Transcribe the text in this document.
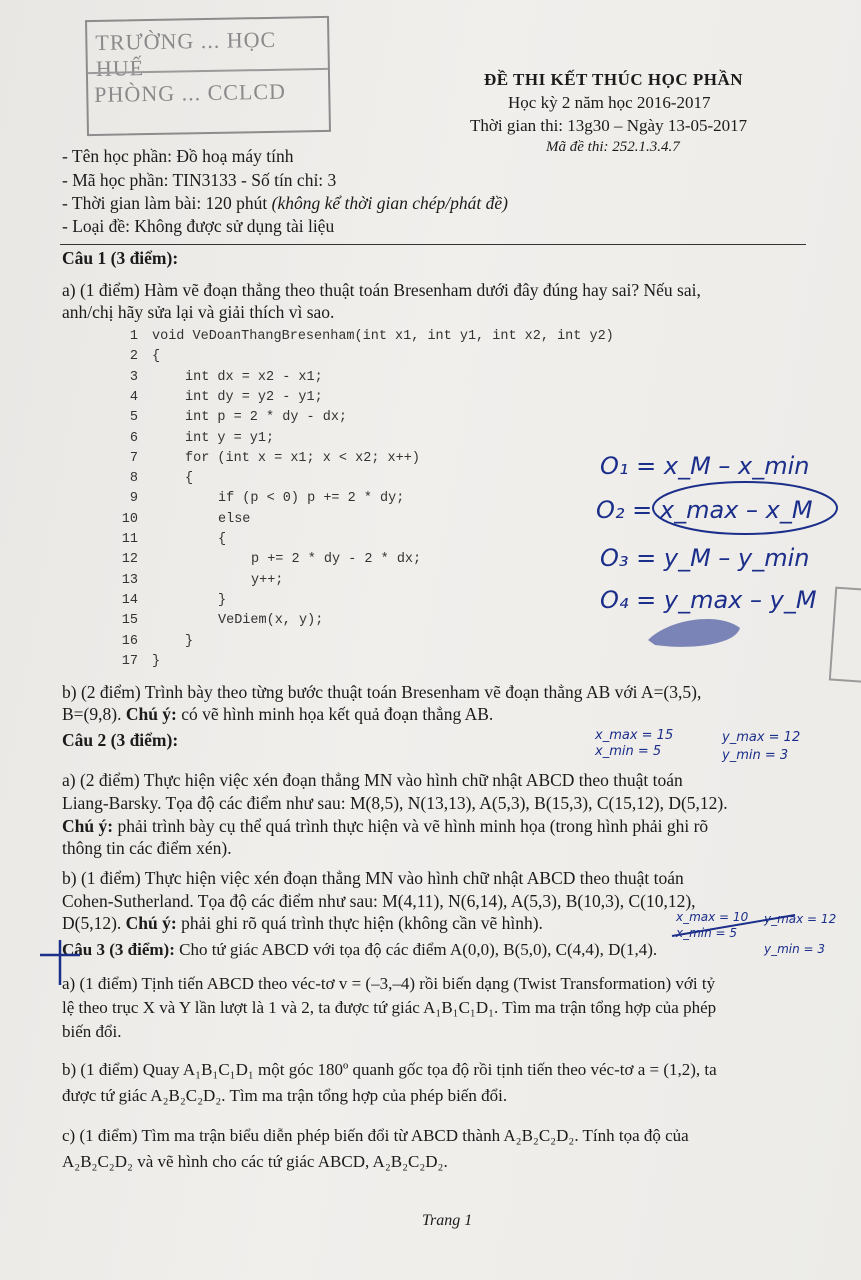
TRƯỜNG ... HỌC HUẾ
PHÒNG ... CCLCD	ĐỀ THI KẾT THÚC HỌC PHẦN
Học kỳ 2 năm học 2016-2017
Thời gian thi: 13g30 – Ngày 13-05-2017
Mã đề thi: 252.1.3.4.7
- Tên học phần: Đồ hoạ máy tính
- Mã học phần: TIN3133 - Số tín chỉ: 3
- Thời gian làm bài: 120 phút (không kể thời gian chép/phát đề)
- Loại đề: Không được sử dụng tài liệu
Câu 1 (3 điểm):
a) (1 điểm) Hàm vẽ đoạn thẳng theo thuật toán Bresenham dưới đây đúng hay sai? Nếu sai,
anh/chị hãy sửa lại và giải thích vì sao.
1 void VeDoanThangBresenham(int x1, int y1, int x2, int y2)
2 {
3	int dx = x2 - x1;
4	int dy = y2 - y1;
5	int p = 2 * dy - dx;
6	int y = y1;
7	for (int x = x1; x < x2; x++)
8	{
9	if (p < 0) p += 2 * dy;
10	else
11	{
12	p += 2 * dy - 2 * dx;
13	y++;
14	}
15	VeDiem(x, y);
16	}
17 }
b) (2 điểm) Trình bày theo từng bước thuật toán Bresenham vẽ đoạn thẳng AB với A=(3,5),
B=(9,8). Chú ý: có vẽ hình minh họa kết quả đoạn thẳng AB.
Câu 2 (3 điểm):
a) (2 điểm) Thực hiện việc xén đoạn thẳng MN vào hình chữ nhật ABCD theo thuật toán
Liang-Barsky. Tọa độ các điểm như sau: M(8,5), N(13,13), A(5,3), B(15,3), C(15,12), D(5,12).
Chú ý: phải trình bày cụ thể quá trình thực hiện và vẽ hình minh họa (trong hình phải ghi rõ
thông tin các điểm xén).
b) (1 điểm) Thực hiện việc xén đoạn thẳng MN vào hình chữ nhật ABCD theo thuật toán
Cohen-Sutherland. Tọa độ các điểm như sau: M(4,11), N(6,14), A(5,3), B(10,3), C(10,12),
D(5,12). Chú ý: phải ghi rõ quá trình thực hiện (không cần vẽ hình).
Câu 3 (3 điểm): Cho tứ giác ABCD với tọa độ các điểm A(0,0), B(5,0), C(4,4), D(1,4).
a) (1 điểm) Tịnh tiến ABCD theo véc-tơ v = (–3,–4) rồi biến dạng (Twist Transformation) với tỷ
lệ theo trục X và Y lần lượt là 1 và 2, ta được tứ giác A₁B₁C₁D₁. Tìm ma trận tổng hợp của phép
biến đổi.
b) (1 điểm) Quay A₁B₁C₁D₁ một góc 180º quanh gốc tọa độ rồi tịnh tiến theo véc-tơ a = (1,2), ta
được tứ giác A₂B₂C₂D₂. Tìm ma trận tổng hợp của phép biến đổi.
c) (1 điểm) Tìm ma trận biểu diễn phép biến đổi từ ABCD thành A₂B₂C₂D₂. Tính tọa độ của
A₂B₂C₂D₂ và vẽ hình cho các tứ giác ABCD, A₂B₂C₂D₂.
Trang 1
O₁ = x_M – x_min
O₂ = x_max – x_M
O₃ = y_M – y_min
O₄ = y_max – y_M
x_max = 15
x_min = 5
y_max = 12
y_min = 3
x_max = 10
x_min = 5
y_max = 12
y_min = 3
